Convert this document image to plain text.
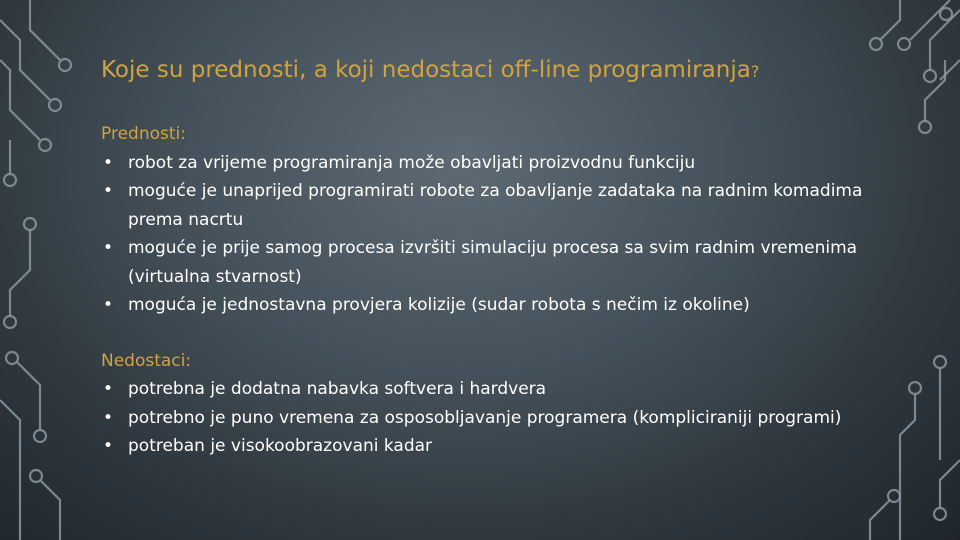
Koje su prednosti, a koji nedostaci off-line programiranja?
Prednosti:
• robot za vrijeme programiranja može obavljati proizvodnu funkciju
• moguće je unaprijed programirati robote za obavljanje zadataka na radnim komadima prema nacrtu
• moguće je prije samog procesa izvršiti simulaciju procesa sa svim radnim vremenima (virtualna stvarnost)
• moguća je jednostavna provjera kolizije (sudar robota s nečim iz okoline)
Nedostaci:
• potrebna je dodatna nabavka softvera i hardvera
• potrebno je puno vremena za osposobljavanje programera (kompliciraniji programi)
• potreban je visokoobrazovani kadar
